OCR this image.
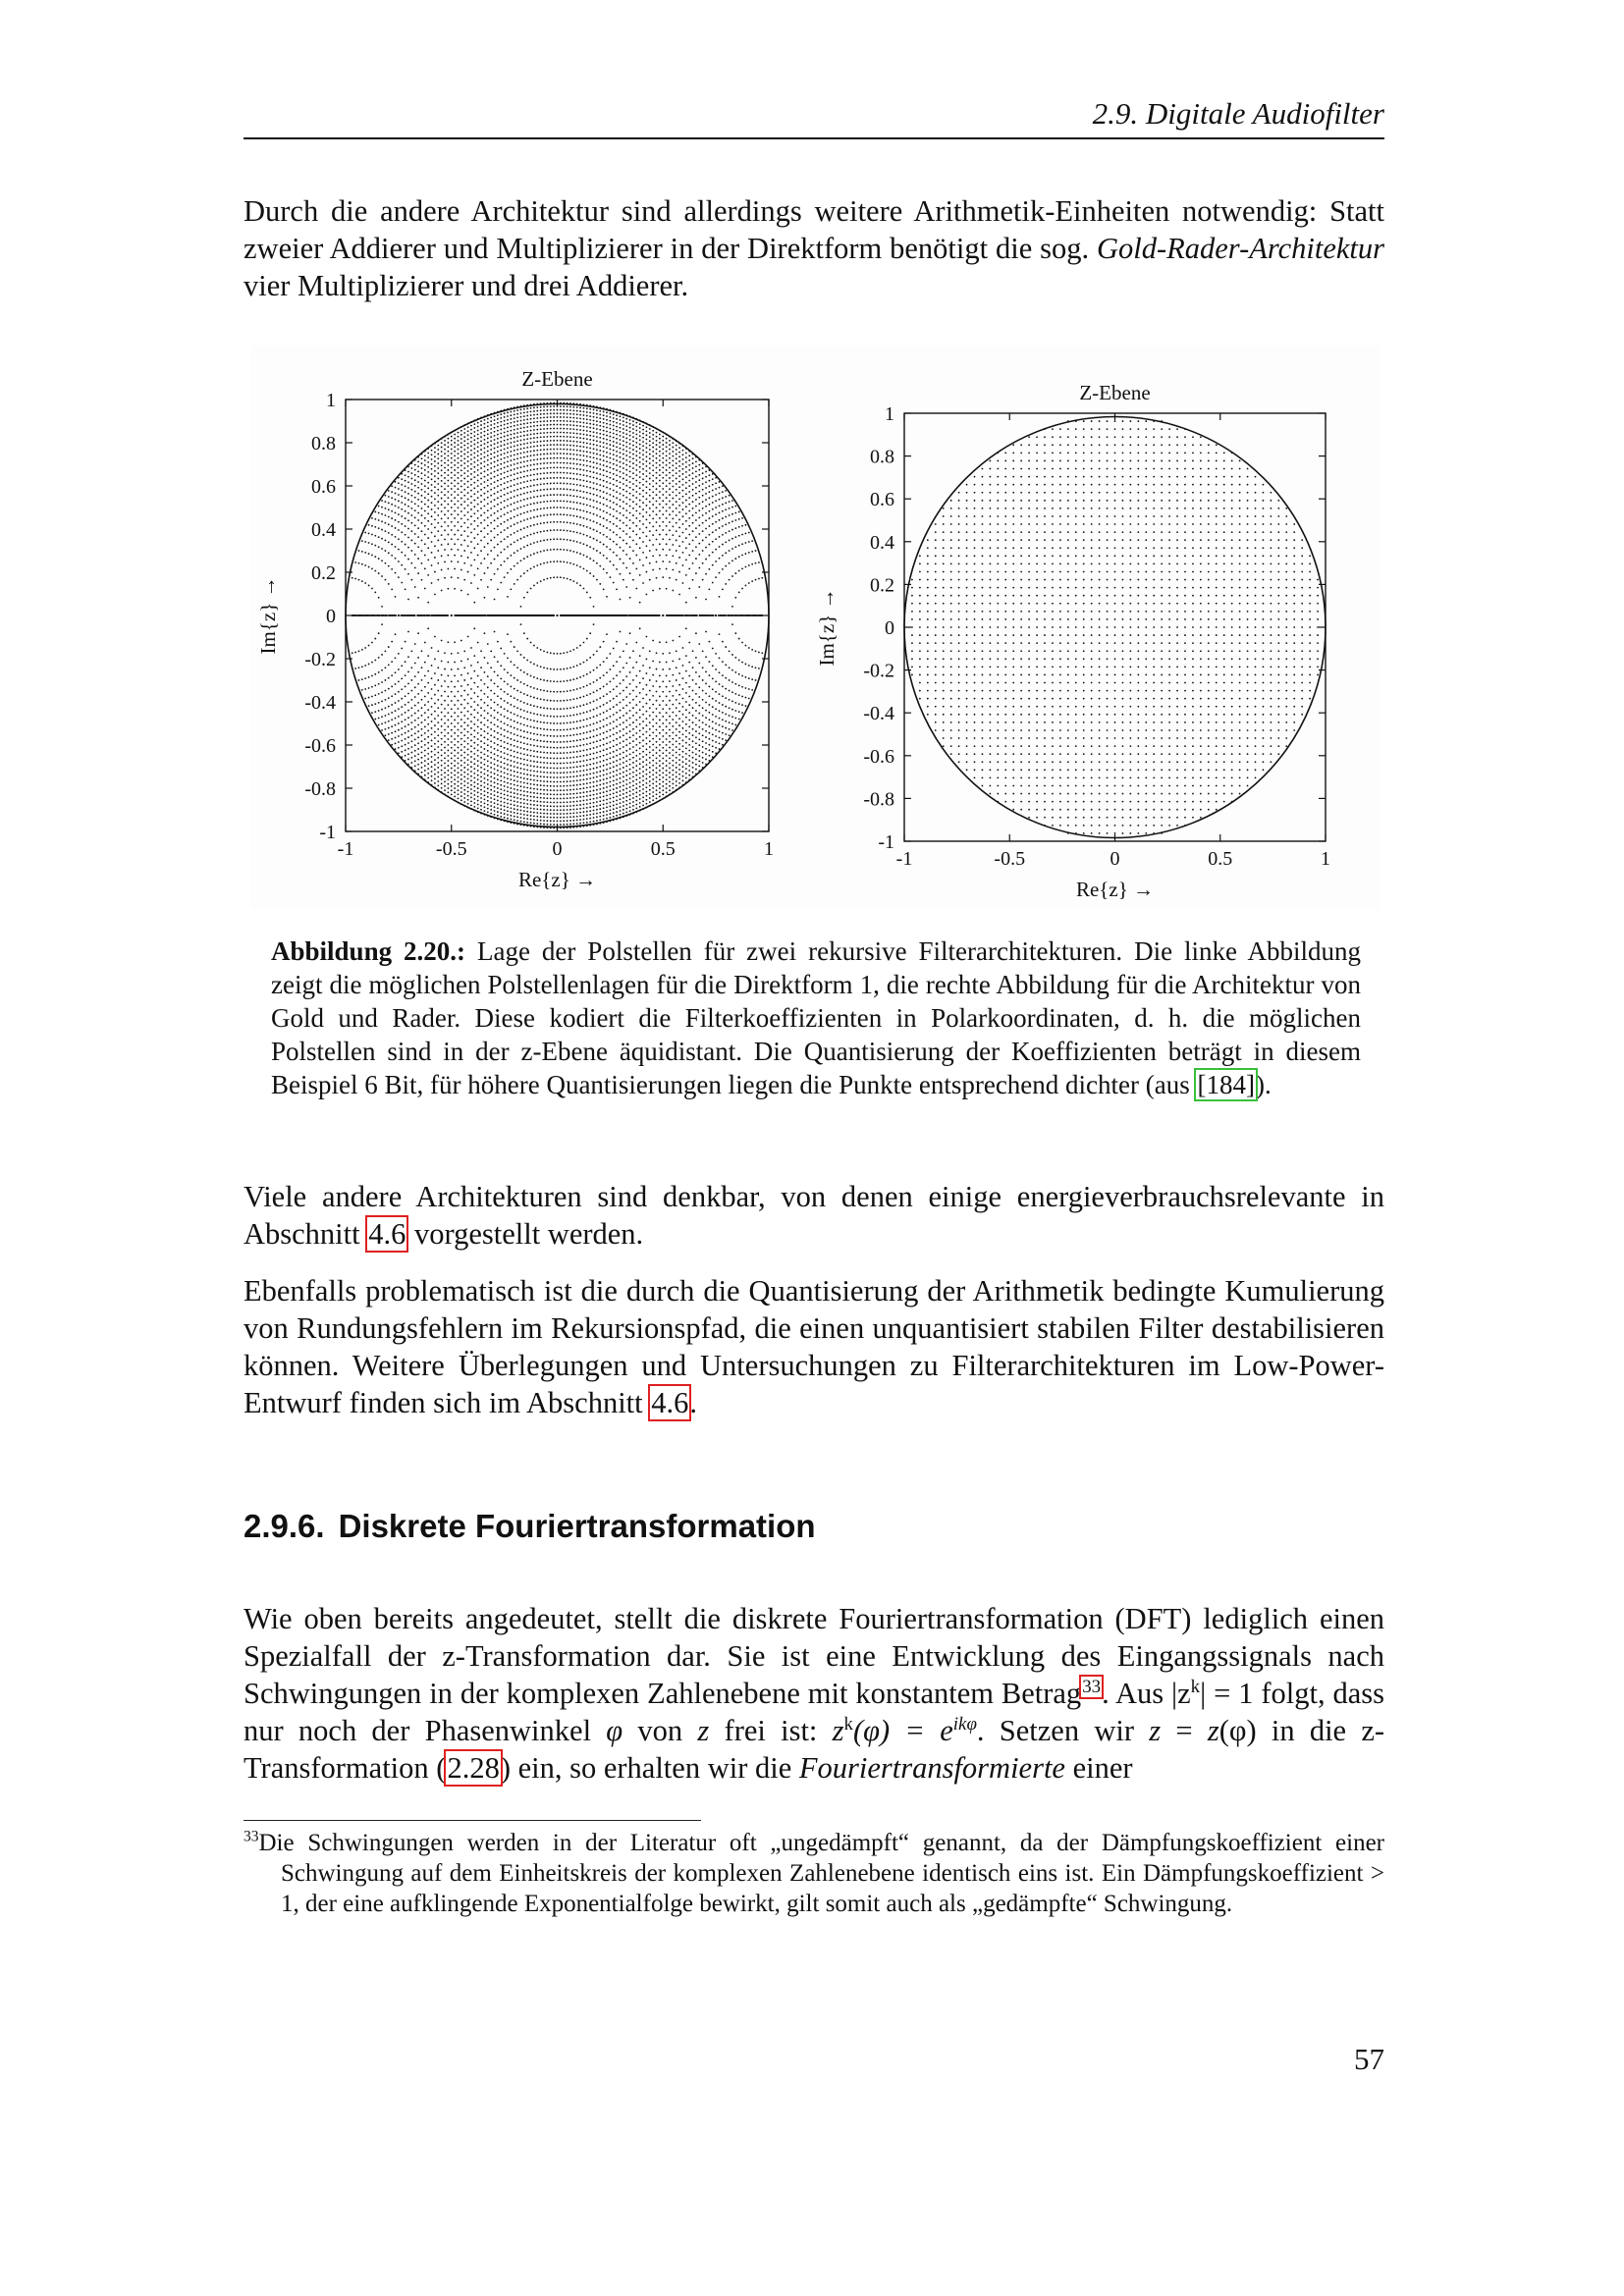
2.9. Digitale Audiofilter
Durch die andere Architektur sind allerdings weitere Arithmetik-Einheiten notwendig: Statt zweier Addierer und Multiplizierer in der Direktform benötigt die sog. Gold-Rader-Architektur vier Multiplizierer und drei Addierer.
-1	-0.5	0	0.5	1
1
0.8
0.6
0.4
0.2
0
-0.2
-0.4
-0.6
-0.8
-1
Z-Ebene
Re{z} →
Im{z} →
-1	-0.5	0	0.5	1
1
0.8
0.6
0.4
0.2
0
-0.2
-0.4
-0.6
-0.8
-1
Z-Ebene
Re{z} →
Im{z} →
Abbildung 2.20.: Lage der Polstellen für zwei rekursive Filterarchitekturen. Die linke Abbildung zeigt die möglichen Polstellenlagen für die Direktform 1, die rechte Abbildung für die Architektur von Gold und Rader. Diese kodiert die Filterkoeffizienten in Polarkoordinaten, d. h. die möglichen Polstellen sind in der z-Ebene äquidistant. Die Quantisierung der Koeffizienten beträgt in diesem Beispiel 6 Bit, für höhere Quantisierungen liegen die Punkte entsprechend dichter (aus [184]).
Viele andere Architekturen sind denkbar, von denen einige energieverbrauchsrelevante in Abschnitt 4.6 vorgestellt werden.
Ebenfalls problematisch ist die durch die Quantisierung der Arithmetik bedingte Kumulierung von Rundungsfehlern im Rekursionspfad, die einen unquantisiert stabilen Filter destabilisieren können. Weitere Überlegungen und Untersuchungen zu Filterarchitekturen im Low-Power-Entwurf finden sich im Abschnitt 4.6.
2.9.6. Diskrete Fouriertransformation
Wie oben bereits angedeutet, stellt die diskrete Fouriertransformation (DFT) lediglich einen Spezialfall der z-Transformation dar. Sie ist eine Entwicklung des Eingangssignals nach Schwingungen in der komplexen Zahlenebene mit konstantem Betrag$^{33}$. Aus $|z^k| = 1$ folgt, dass nur noch der Phasenwinkel φ von z frei ist: $z^k(\varphi) = e^{ik\varphi}$. Setzen wir z = z(φ) in die z-Transformation (2.28) ein, so erhalten wir die Fouriertransformierte einer
$^{33}$Die Schwingungen werden in der Literatur oft „ungedämpft“ genannt, da der Dämpfungskoeffizient einer Schwingung auf dem Einheitskreis der komplexen Zahlenebene identisch eins ist. Ein Dämpfungskoeffizient > 1, der eine aufklingende Exponentialfolge bewirkt, gilt somit auch als „gedämpfte“ Schwingung.
57
